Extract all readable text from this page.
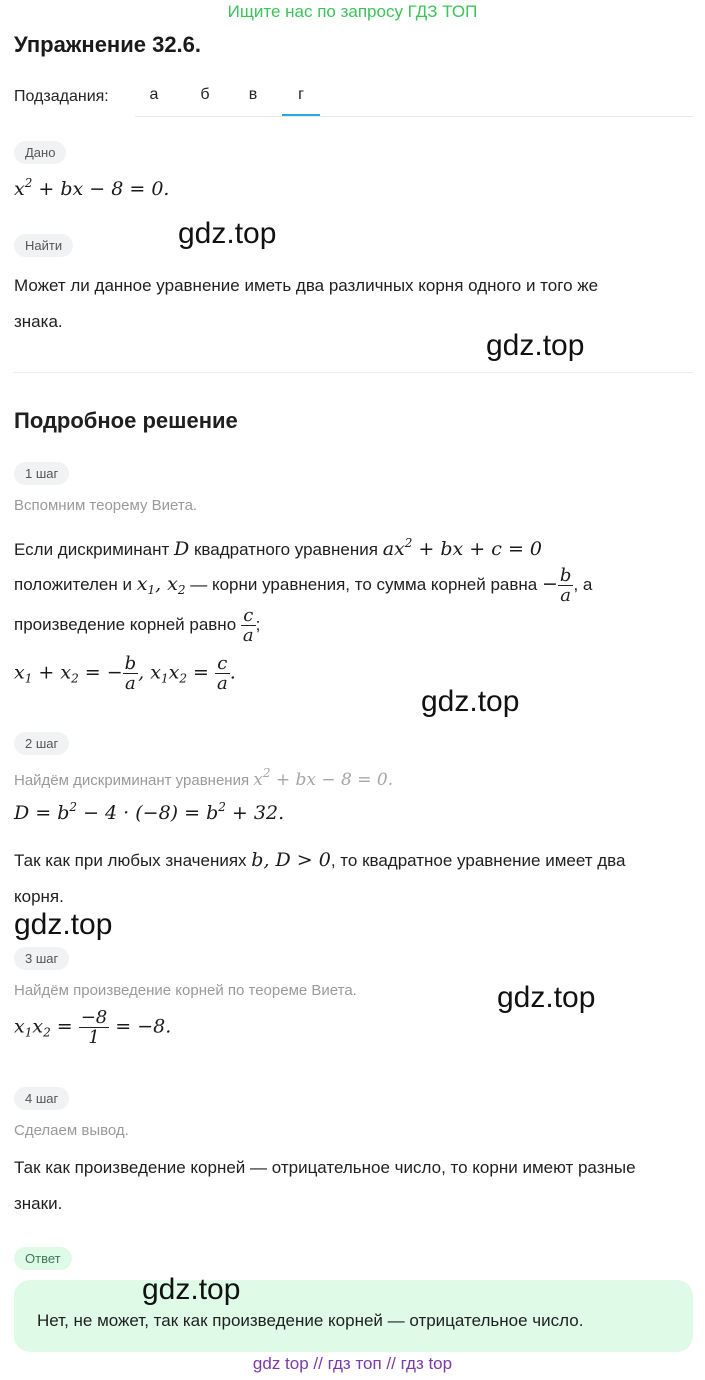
Ищите нас по запросу ГДЗ ТОП
Упражнение 32.6.
Подзадания:	а	б	в	г
Дано
$x^2$ + bx − 8 = 0.
Найти
Может ли данное уравнение иметь два различных корня одного и того же
знака.
Подробное решение
1 шаг
Вспомним теорему Виета.
Если дискриминант D квадратного уравнения $ax^2$ + bx + c = 0
положителен и $x_1$, $x_2$ — корни уравнения, то сумма корней равна − $\frac{b}{a}$ , а
произведение корней равно $\frac{c}{a}$ ;
$x_1 + x_2$ = − $\frac{b}{a}$ , $x_1x_2 = \frac{c}{a}$ .
2 шаг
Найдём дискриминант уравнения $x^2$ + bx − 8 = 0.
$D = b^2 - 4 \cdot (-8) = b^2 + 32$.
Так как при любых значениях b, D > 0, то квадратное уравнение имеет два
корня.
3 шаг
Найдём произведение корней по теореме Виета.
$x_1x_2 = \frac{-8}{1} = -8$.
4 шаг
Сделаем вывод.
Так как произведение корней — отрицательное число, то корни имеют разные
знаки.
Ответ
Нет, не может, так как произведение корней — отрицательное число.
gdz.top
gdz.top
gdz.top
gdz.top
gdz.top
gdz.top
gdz top // гдз топ // гдз top
